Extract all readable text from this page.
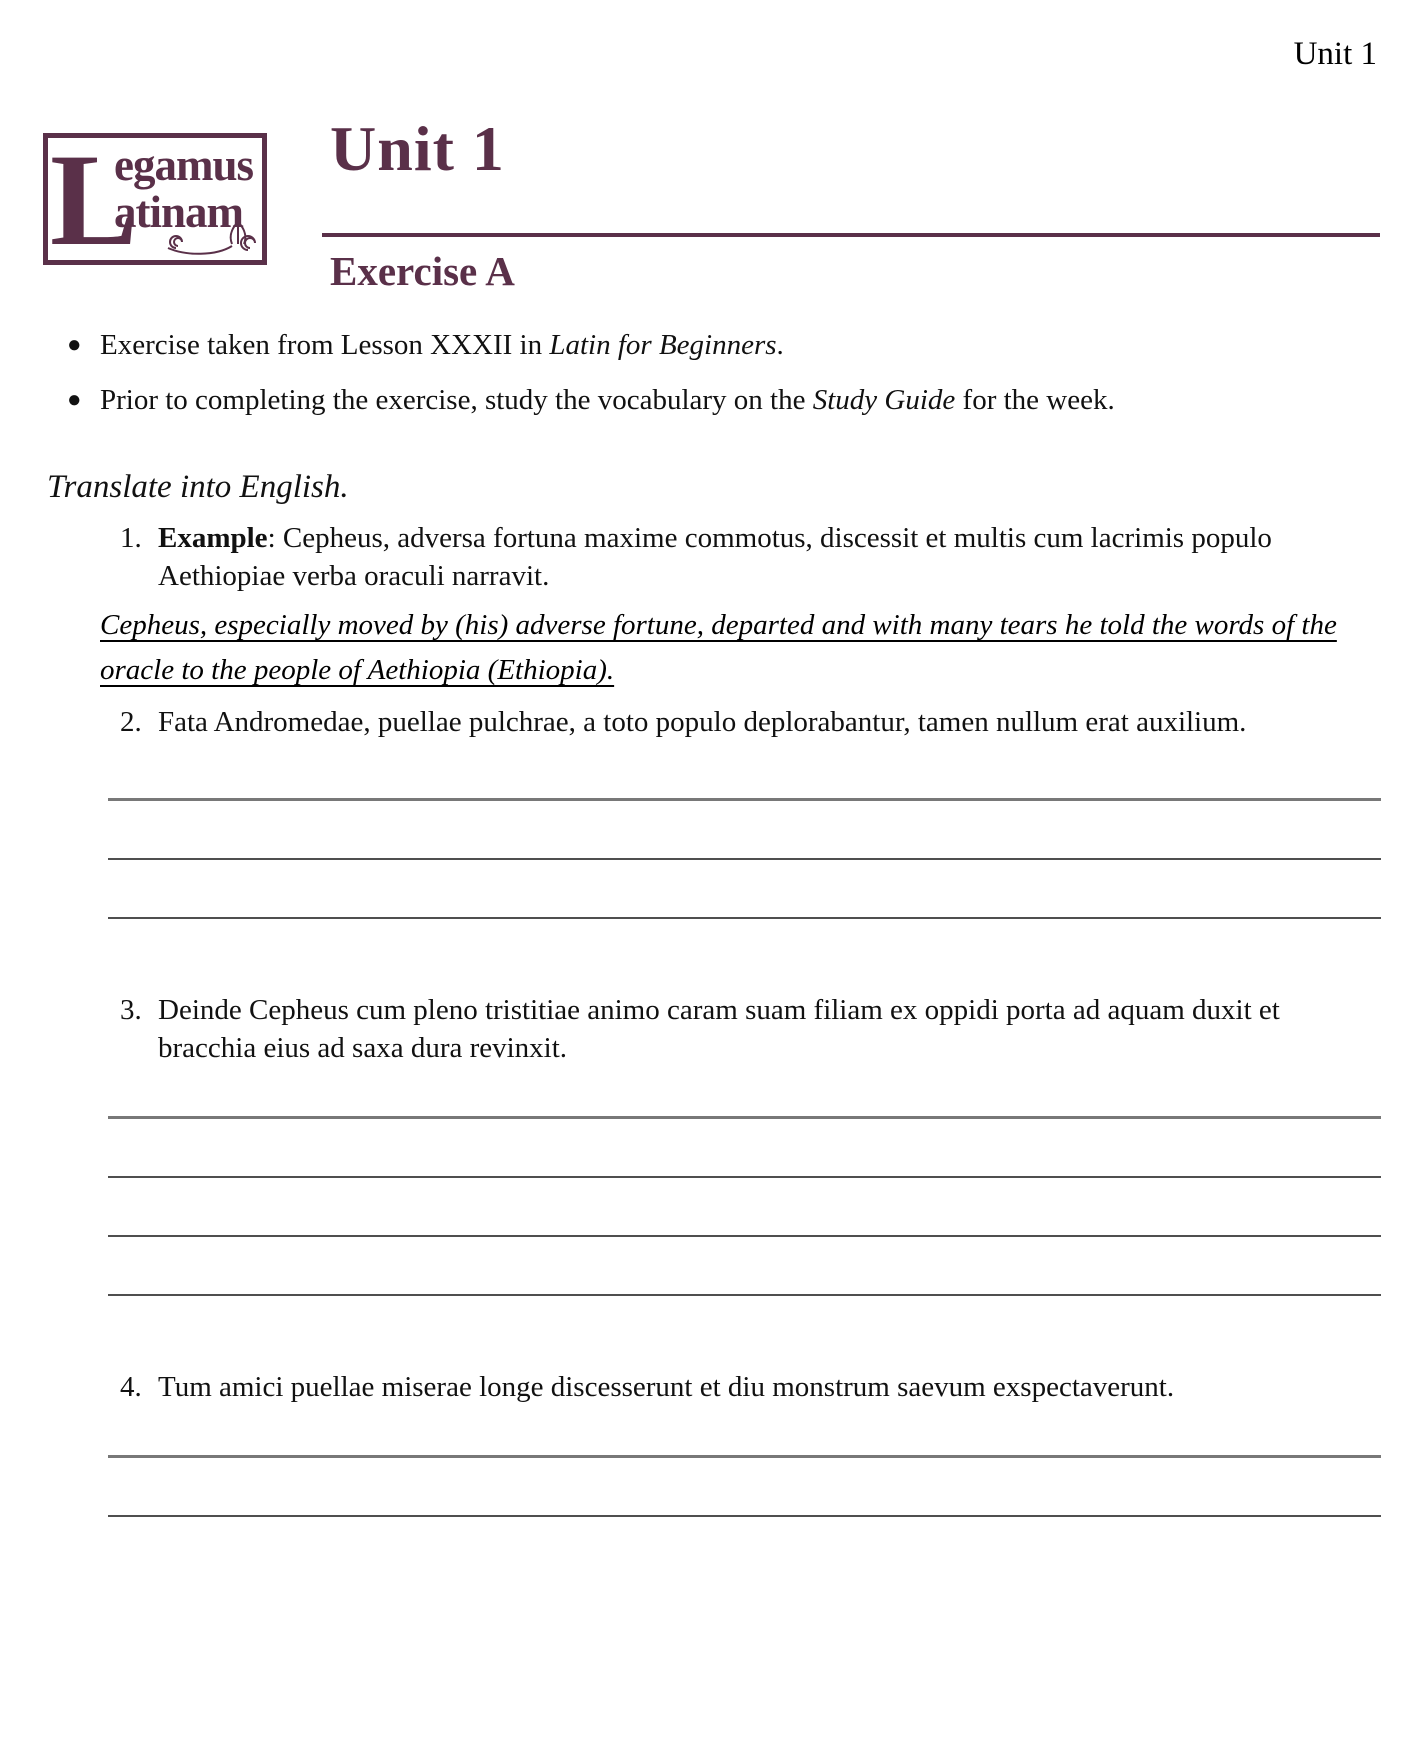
Unit 1
L
egamus
atinam
Unit 1
Exercise A
● Exercise taken from Lesson XXXII in Latin for Beginners.
● Prior to completing the exercise, study the vocabulary on the Study Guide for the week.
Translate into English.
1. Example: Cepheus, adversa fortuna maxime commotus, discessit et multis cum lacrimis populo Aethiopiae verba oraculi narravit.
Cepheus, especially moved by (his) adverse fortune, departed and with many tears he told the words of the oracle to the people of Aethiopia (Ethiopia).
2. Fata Andromedae, puellae pulchrae, a toto populo deplorabantur, tamen nullum erat auxilium.
3. Deinde Cepheus cum pleno tristitiae animo caram suam filiam ex oppidi porta ad aquam duxit et bracchia eius ad saxa dura revinxit.
4. Tum amici puellae miserae longe discesserunt et diu monstrum saevum exspectaverunt.
